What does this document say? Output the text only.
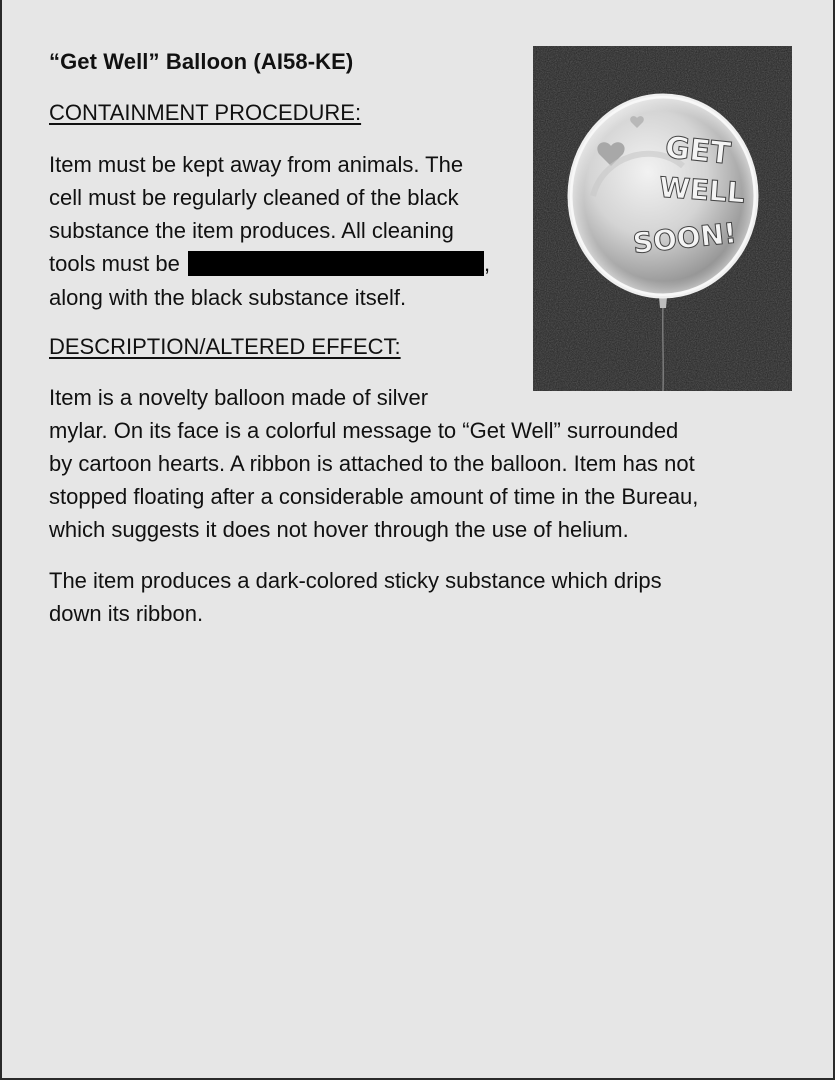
“Get Well” Balloon (AI58-KE)
CONTAINMENT PROCEDURE:
Item must be kept away from animals. The
cell must be regularly cleaned of the black
substance the item produces. All cleaning
tools must be	,
along with the black substance itself.
DESCRIPTION/ALTERED EFFECT:
Item is a novelty balloon made of silver
mylar. On its face is a colorful message to “Get Well” surrounded
by cartoon hearts. A ribbon is attached to the balloon. Item has not
stopped floating after a considerable amount of time in the Bureau,
which suggests it does not hover through the use of helium.
The item produces a dark-colored sticky substance which drips
down its ribbon.
GET
WELL
SOON!
